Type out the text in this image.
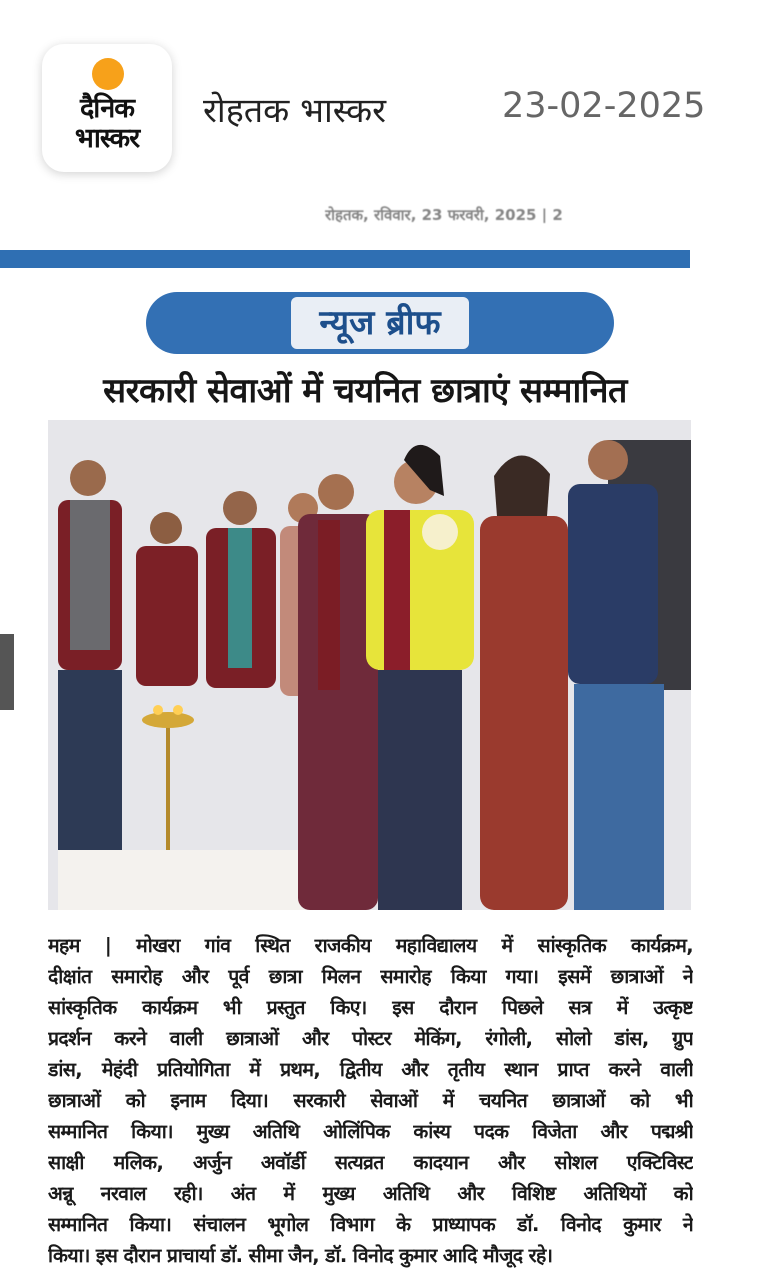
दैनिक
भास्कर
रोहतक भास्कर	23-02-2025
रोहतक, रविवार, 23 फरवरी, 2025 | 2
न्यूज ब्रीफ
सरकारी सेवाओं में चयनित छात्राएं सम्मानित
महम | मोखरा गांव स्थित राजकीय महाविद्यालय में सांस्कृतिक कार्यक्रम,
दीक्षांत समारोह और पूर्व छात्रा मिलन समारोह किया गया। इसमें छात्राओं ने
सांस्कृतिक कार्यक्रम भी प्रस्तुत किए। इस दौरान पिछले सत्र में उत्कृष्ट
प्रदर्शन करने वाली छात्राओं और पोस्टर मेकिंग, रंगोली, सोलो डांस, ग्रुप
डांस, मेहंदी प्रतियोगिता में प्रथम, द्वितीय और तृतीय स्थान प्राप्त करने वाली
छात्राओं को इनाम दिया। सरकारी सेवाओं में चयनित छात्राओं को भी
सम्मानित किया। मुख्य अतिथि ओलिंपिक कांस्य पदक विजेता और पद्मश्री
साक्षी मलिक, अर्जुन अवॉर्डी सत्यव्रत कादयान और सोशल एक्टिविस्ट
अन्नू नरवाल रही। अंत में मुख्य अतिथि और विशिष्ट अतिथियों को
सम्मानित किया। संचालन भूगोल विभाग के प्राध्यापक डॉ. विनोद कुमार ने
किया। इस दौरान प्राचार्या डॉ. सीमा जैन, डॉ. विनोद कुमार आदि मौजूद रहे।
